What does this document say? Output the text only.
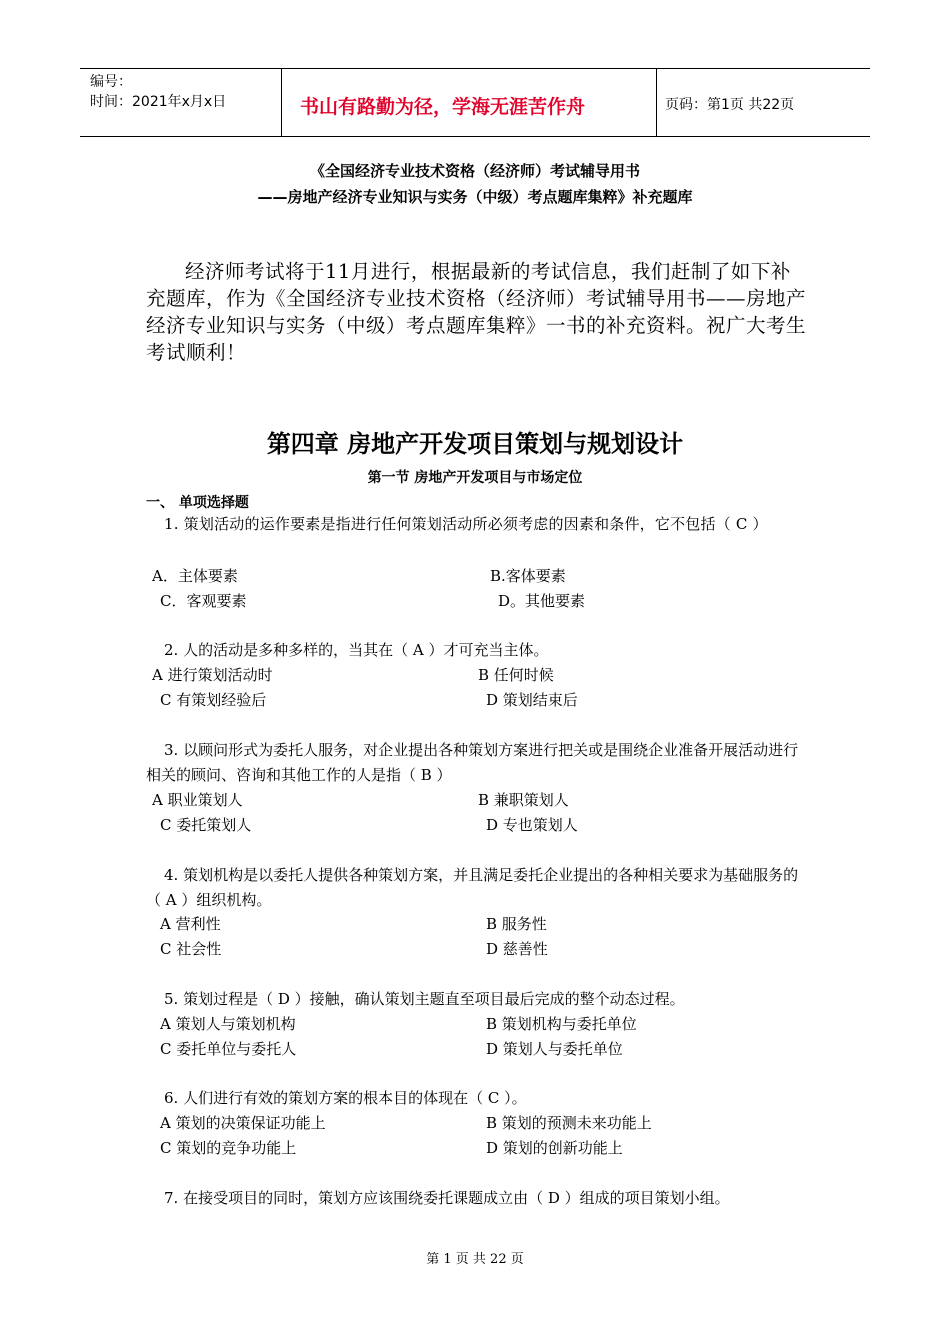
编号：
时间：2021年x月x日	书山有路勤为径，学海无涯苦作舟	页码：第1页 共22页
《全国经济专业技术资格（经济师）考试辅导用书
——房地产经济专业知识与实务（中级）考点题库集粹》补充题库
经济师考试将于11月进行，根据最新的考试信息，我们赶制了如下补充题库，作为《全国经济专业技术资格（经济师）考试辅导用书——房地产经济专业知识与实务（中级）考点题库集粹》一书的补充资料。祝广大考生考试顺利！
第四章 房地产开发项目策划与规划设计
第一节 房地产开发项目与市场定位
一、 单项选择题
1. 策划活动的运作要素是指进行任何策划活动所必须考虑的因素和条件，它不包括（ C ）
A．主体要素	B.客体要素
C．客观要素	D。其他要素
2. 人的活动是多种多样的，当其在（ A ）才可充当主体。
A 进行策划活动时	B 任何时候
C 有策划经验后	D 策划结束后
3. 以顾问形式为委托人服务，对企业提出各种策划方案进行把关或是围绕企业准备开展活动进行相关的顾问、咨询和其他工作的人是指（ B ）
A 职业策划人	B 兼职策划人
C 委托策划人	D 专也策划人
4. 策划机构是以委托人提供各种策划方案，并且满足委托企业提出的各种相关要求为基础服务的（ A ）组织机构。
A 营利性	B 服务性
C 社会性	D 慈善性
5. 策划过程是（ D ）接触，确认策划主题直至项目最后完成的整个动态过程。
A 策划人与策划机构	B 策划机构与委托单位
C 委托单位与委托人	D 策划人与委托单位
6. 人们进行有效的策划方案的根本目的体现在（ C ）。
A 策划的决策保证功能上	B 策划的预测未来功能上
C 策划的竞争功能上	D 策划的创新功能上
7. 在接受项目的同时，策划方应该围绕委托课题成立由（ D ）组成的项目策划小组。
第 1 页 共 22 页
